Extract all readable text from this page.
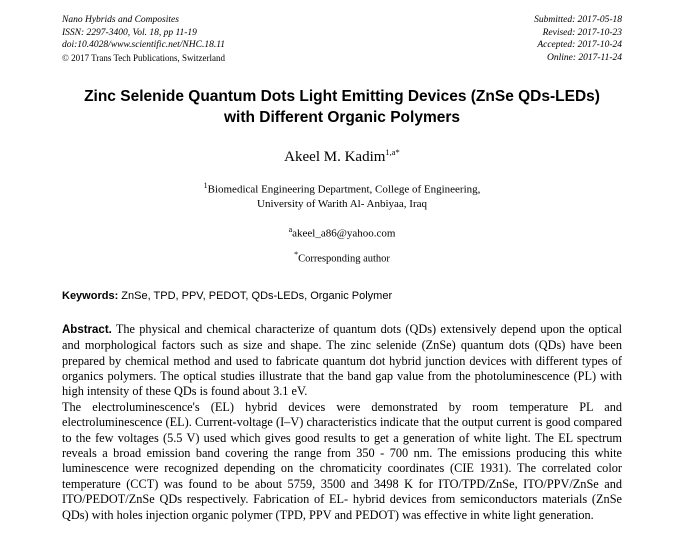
Nano Hybrids and Composites
ISSN: 2297-3400, Vol. 18, pp 11-19
doi:10.4028/www.scientific.net/NHC.18.11
© 2017 Trans Tech Publications, Switzerland
Submitted: 2017-05-18
Revised: 2017-10-23
Accepted: 2017-10-24
Online: 2017-11-24
Zinc Selenide Quantum Dots Light Emitting Devices (ZnSe QDs-LEDs)
with Different Organic Polymers
Akeel M. Kadim$^{1,a*}$
$^1$Biomedical Engineering Department, College of Engineering,
University of Warith Al- Anbiyaa, Iraq
$^a$akeel_a86@yahoo.com
*Corresponding author
Keywords: ZnSe, TPD, PPV, PEDOT, QDs-LEDs, Organic Polymer

Abstract. The physical and chemical characterize of quantum dots (QDs) extensively depend upon the optical and morphological factors such as size and shape. The zinc selenide (ZnSe) quantum dots (QDs) have been prepared by chemical method and used to fabricate quantum dot hybrid junction devices with different types of organics polymers. The optical studies illustrate that the band gap value from the photoluminescence (PL) with high intensity of these QDs is found about 3.1 eV.

The electroluminescence's (EL) hybrid devices were demonstrated by room temperature PL and electroluminescence (EL). Current-voltage (I–V) characteristics indicate that the output current is good compared to the few voltages (5.5 V) used which gives good results to get a generation of white light. The EL spectrum reveals a broad emission band covering the range from 350 - 700 nm. The emissions producing this white luminescence were recognized depending on the chromaticity coordinates (CIE 1931). The correlated color temperature (CCT) was found to be about 5759, 3500 and 3498 K for ITO/TPD/ZnSe, ITO/PPV/ZnSe and ITO/PEDOT/ZnSe QDs respectively. Fabrication of EL- hybrid devices from semiconductors materials (ZnSe QDs) with holes injection organic polymer (TPD, PPV and PEDOT) was effective in white light generation.
